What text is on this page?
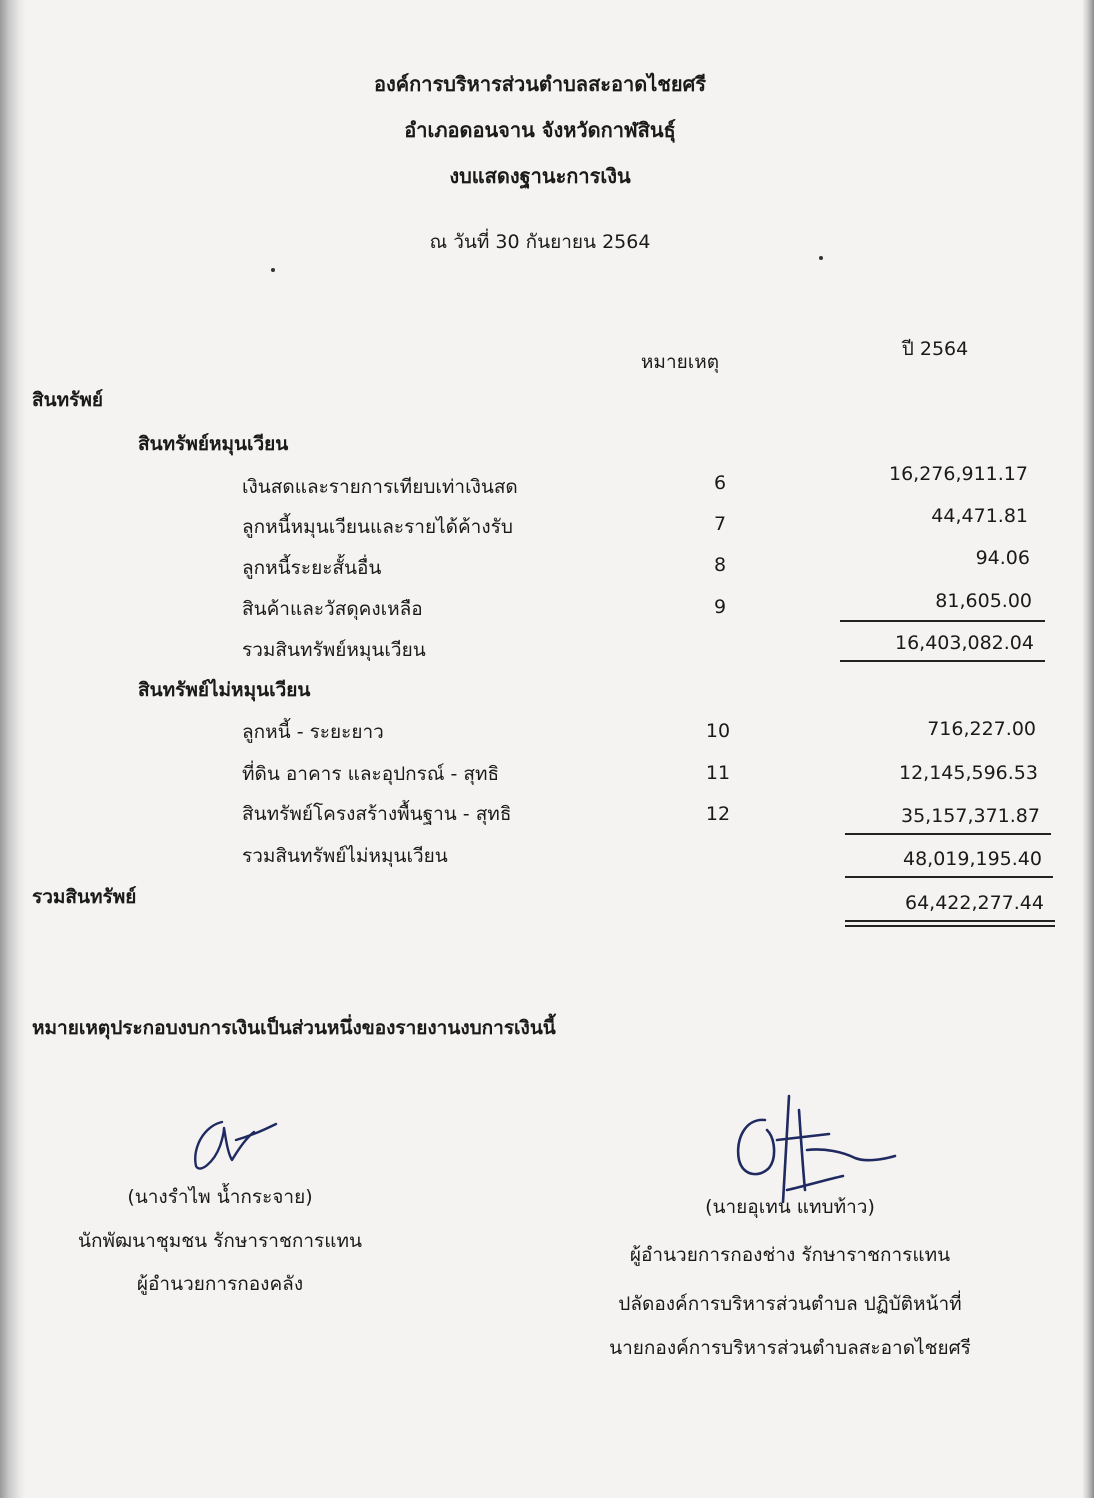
องค์การบริหารส่วนตำบลสะอาดไชยศรี
อำเภอดอนจาน จังหวัดกาฬสินธุ์
งบแสดงฐานะการเงิน
ณ วันที่ 30 กันยายน 2564
หมายเหตุ
ปี 2564
สินทรัพย์
สินทรัพย์หมุนเวียน
เงินสดและรายการเทียบเท่าเงินสด	6	16,276,911.17
ลูกหนี้หมุนเวียนและรายได้ค้างรับ	7	44,471.81
ลูกหนี้ระยะสั้นอื่น	8	94.06
สินค้าและวัสดุคงเหลือ	9	81,605.00
รวมสินทรัพย์หมุนเวียน	16,403,082.04
สินทรัพย์ไม่หมุนเวียน
ลูกหนี้ - ระยะยาว	10	716,227.00
ที่ดิน อาคาร และอุปกรณ์ - สุทธิ	11	12,145,596.53
สินทรัพย์โครงสร้างพื้นฐาน - สุทธิ	12	35,157,371.87
รวมสินทรัพย์ไม่หมุนเวียน	48,019,195.40
รวมสินทรัพย์	64,422,277.44
หมายเหตุประกอบงบการเงินเป็นส่วนหนึ่งของรายงานงบการเงินนี้
(นางรำไพ น้ำกระจาย)
นักพัฒนาชุมชน รักษาราชการแทน
ผู้อำนวยการกองคลัง
(นายอุเทน แทบท้าว)
ผู้อำนวยการกองช่าง รักษาราชการแทน
ปลัดองค์การบริหารส่วนตำบล ปฏิบัติหน้าที่
นายกองค์การบริหารส่วนตำบลสะอาดไชยศรี
